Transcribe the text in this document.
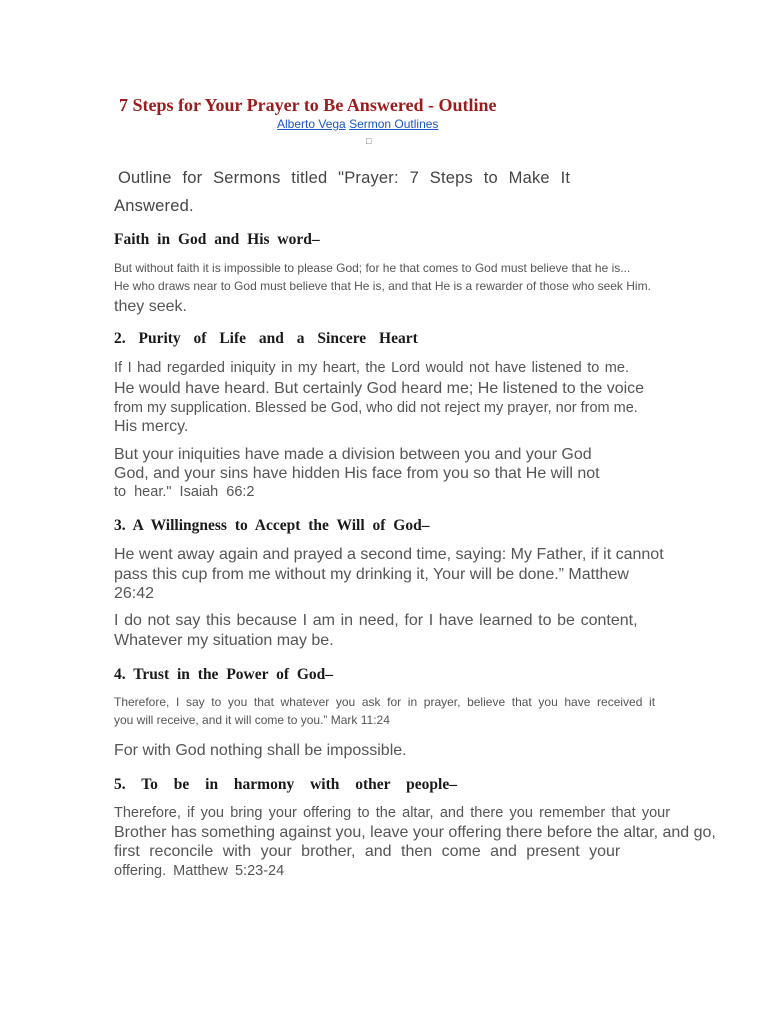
7 Steps for Your Prayer to Be Answered - Outline
Alberto Vega Sermon Outlines
□
Outline for Sermons titled "Prayer: 7 Steps to Make It
Answered.
Faith in God and His word–
But without faith it is impossible to please God; for he that comes to God must believe that he is...
He who draws near to God must believe that He is, and that He is a rewarder of those who seek Him.
they seek.
2. Purity of Life and a Sincere Heart
If I had regarded iniquity in my heart, the Lord would not have listened to me.
He would have heard. But certainly God heard me; He listened to the voice
from my supplication. Blessed be God, who did not reject my prayer, nor from me.
His mercy.
But your iniquities have made a division between you and your God
God, and your sins have hidden His face from you so that He will not
to hear." Isaiah 66:2
3. A Willingness to Accept the Will of God–
He went away again and prayed a second time, saying: My Father, if it cannot
pass this cup from me without my drinking it, Your will be done.” Matthew
26:42
I do not say this because I am in need, for I have learned to be content,
Whatever my situation may be.
4. Trust in the Power of God–
Therefore, I say to you that whatever you ask for in prayer, believe that you have received it
you will receive, and it will come to you.” Mark 11:24
For with God nothing shall be impossible.
5. To be in harmony with other people–
Therefore, if you bring your offering to the altar, and there you remember that your
Brother has something against you, leave your offering there before the altar, and go,
first reconcile with your brother, and then come and present your
offering. Matthew 5:23-24
